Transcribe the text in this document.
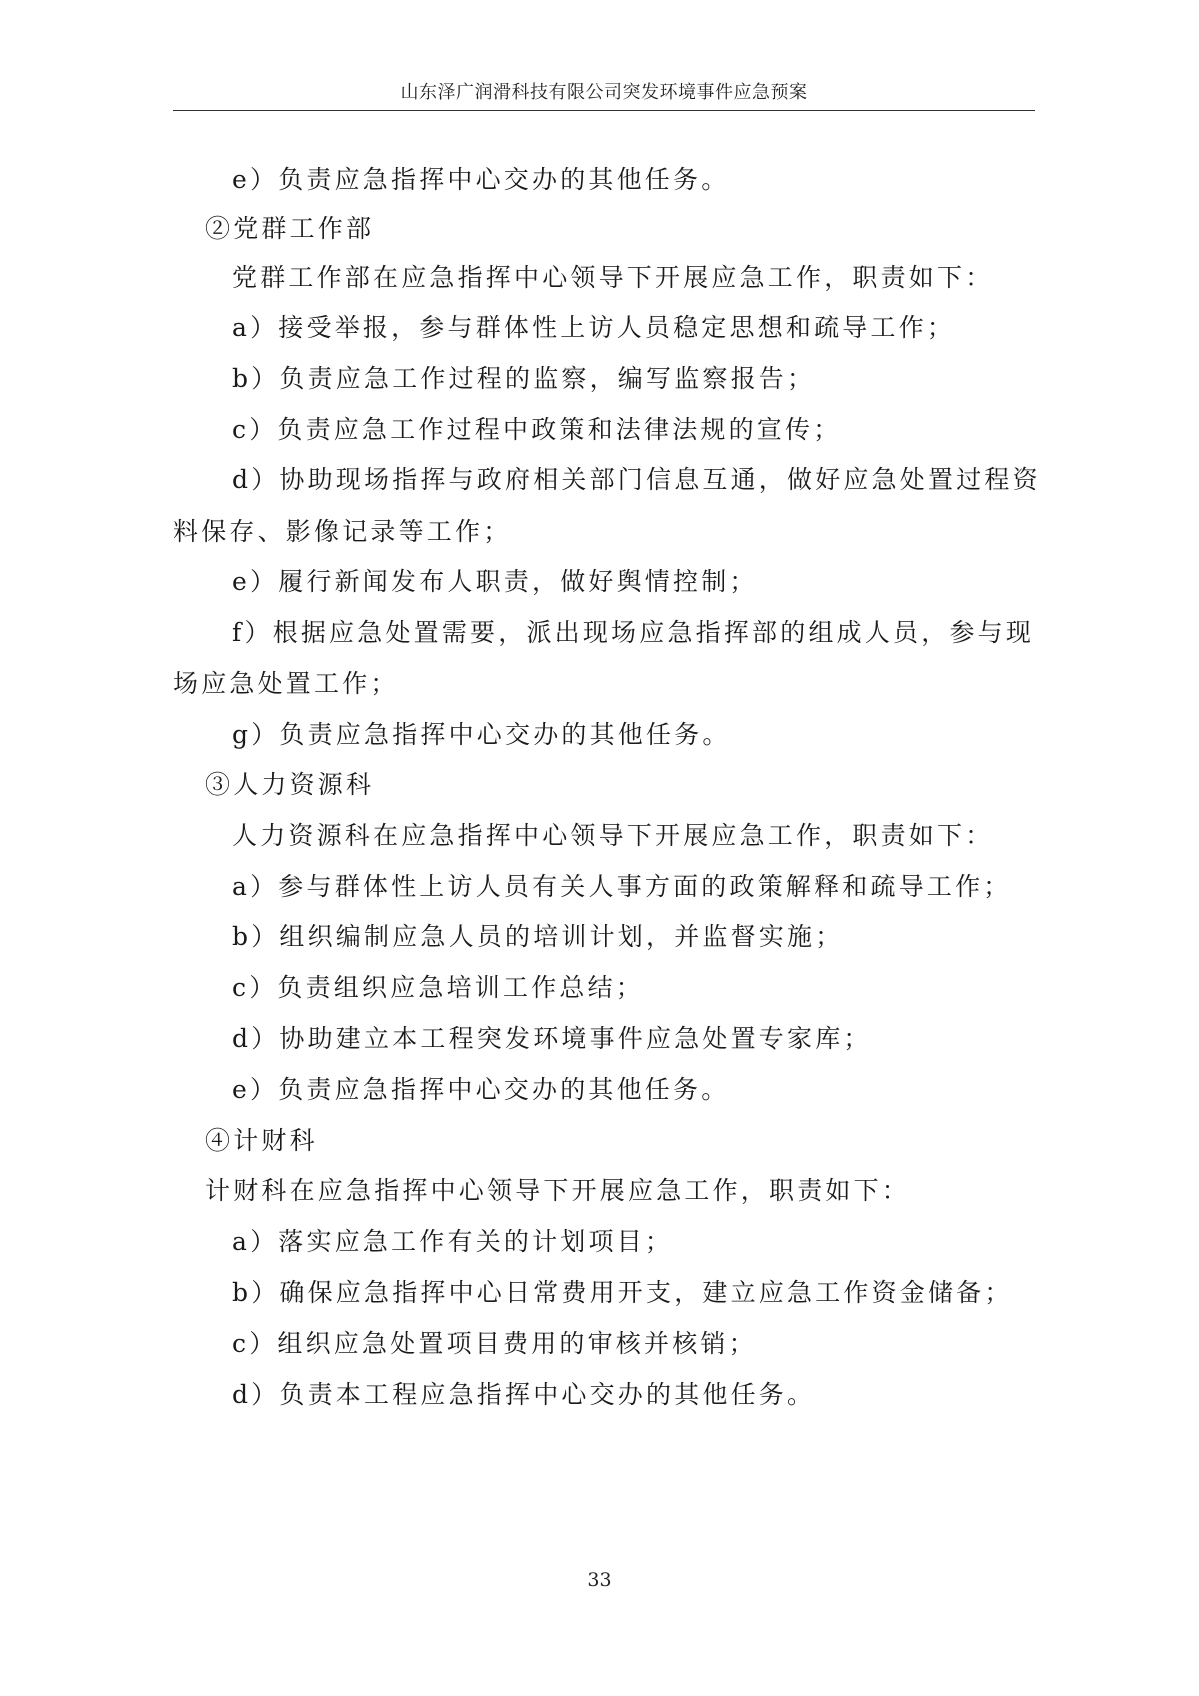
山东泽广润滑科技有限公司突发环境事件应急预案
e）负责应急指挥中心交办的其他任务。
②党群工作部
党群工作部在应急指挥中心领导下开展应急工作，职责如下：
a）接受举报，参与群体性上访人员稳定思想和疏导工作；
b）负责应急工作过程的监察，编写监察报告；
c）负责应急工作过程中政策和法律法规的宣传；
d）协助现场指挥与政府相关部门信息互通，做好应急处置过程资
料保存、影像记录等工作；
e）履行新闻发布人职责，做好舆情控制；
f）根据应急处置需要，派出现场应急指挥部的组成人员，参与现
场应急处置工作；
g）负责应急指挥中心交办的其他任务。
③人力资源科
人力资源科在应急指挥中心领导下开展应急工作，职责如下：
a）参与群体性上访人员有关人事方面的政策解释和疏导工作；
b）组织编制应急人员的培训计划，并监督实施；
c）负责组织应急培训工作总结；
d）协助建立本工程突发环境事件应急处置专家库；
e）负责应急指挥中心交办的其他任务。
④计财科
计财科在应急指挥中心领导下开展应急工作，职责如下：
a）落实应急工作有关的计划项目；
b）确保应急指挥中心日常费用开支，建立应急工作资金储备；
c）组织应急处置项目费用的审核并核销；
d）负责本工程应急指挥中心交办的其他任务。
33
